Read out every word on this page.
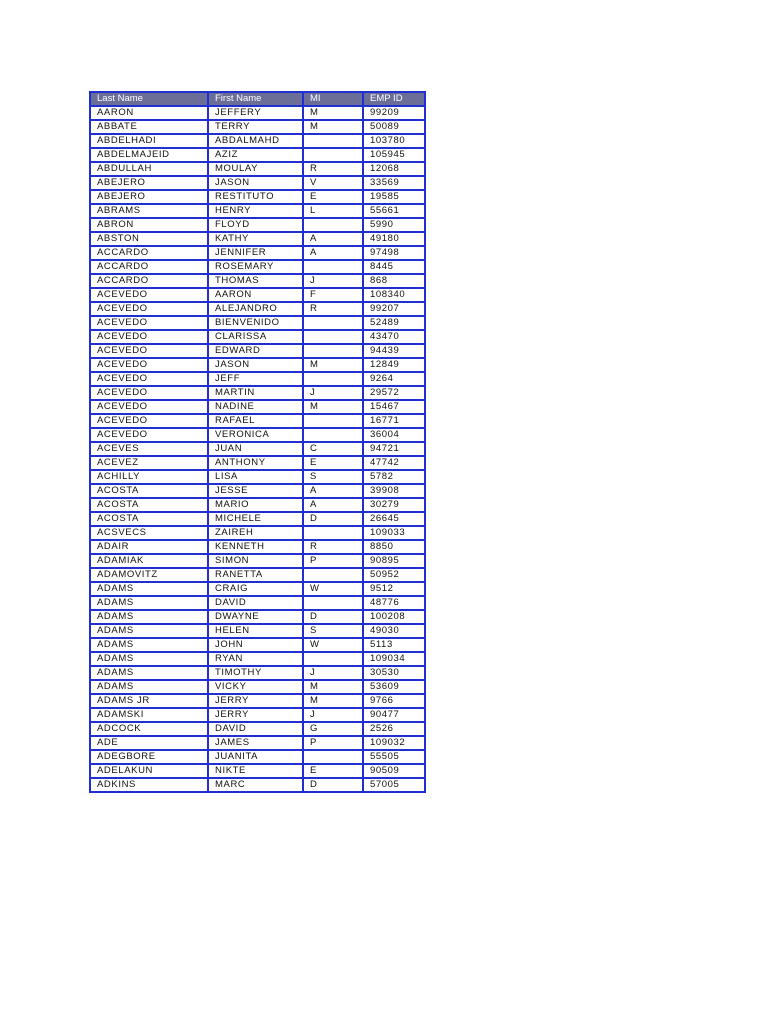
Last Name	First Name	MI	EMP ID
AARON	JEFFERY	M	99209
ABBATE	TERRY	M	50089
ABDELHADI	ABDALMAHD		103780
ABDELMAJEID	AZIZ		105945
ABDULLAH	MOULAY	R	12068
ABEJERO	JASON	V	33569
ABEJERO	RESTITUTO	E	19585
ABRAMS	HENRY	L	55661
ABRON	FLOYD		5990
ABSTON	KATHY	A	49180
ACCARDO	JENNIFER	A	97498
ACCARDO	ROSEMARY		8445
ACCARDO	THOMAS	J	868
ACEVEDO	AARON	F	108340
ACEVEDO	ALEJANDRO	R	99207
ACEVEDO	BIENVENIDO		52489
ACEVEDO	CLARISSA		43470
ACEVEDO	EDWARD		94439
ACEVEDO	JASON	M	12849
ACEVEDO	JEFF		9264
ACEVEDO	MARTIN	J	29572
ACEVEDO	NADINE	M	15467
ACEVEDO	RAFAEL		16771
ACEVEDO	VERONICA		36004
ACEVES	JUAN	C	94721
ACEVEZ	ANTHONY	E	47742
ACHILLY	LISA	S	5782
ACOSTA	JESSE	A	39908
ACOSTA	MARIO	A	30279
ACOSTA	MICHELE	D	26645
ACSVECS	ZAIREH		109033
ADAIR	KENNETH	R	8850
ADAMIAK	SIMON	P	90895
ADAMOVITZ	RANETTA		50952
ADAMS	CRAIG	W	9512
ADAMS	DAVID		48776
ADAMS	DWAYNE	D	100208
ADAMS	HELEN	S	49030
ADAMS	JOHN	W	5113
ADAMS	RYAN		109034
ADAMS	TIMOTHY	J	30530
ADAMS	VICKY	M	53609
ADAMS JR	JERRY	M	9766
ADAMSKI	JERRY	J	90477
ADCOCK	DAVID	G	2526
ADE	JAMES	P	109032
ADEGBORE	JUANITA		55505
ADELAKUN	NIKTE	E	90509
ADKINS	MARC	D	57005
